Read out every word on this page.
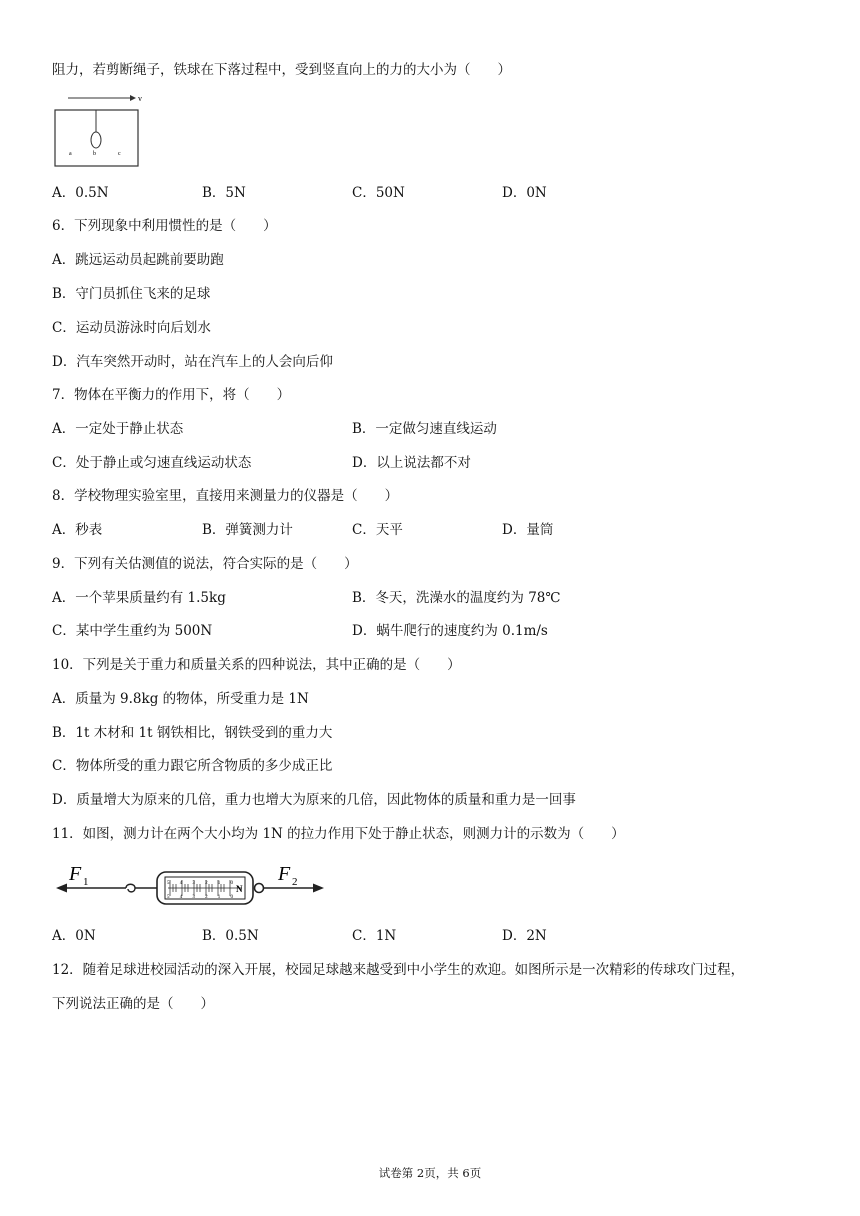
阻力，若剪断绳子，铁球在下落过程中，受到竖直向上的力的大小为（　　）
v
a	b	c
A．0.5N	B．5N	C．50N	D．0N
6．下列现象中利用惯性的是（　　）
A．跳远运动员起跳前要助跑
B．守门员抓住飞来的足球
C．运动员游泳时向后划水
D．汽车突然开动时，站在汽车上的人会向后仰
7．物体在平衡力的作用下，将（　　）
A．一定处于静止状态	B．一定做匀速直线运动
C．处于静止或匀速直线运动状态	D．以上说法都不对
8．学校物理实验室里，直接用来测量力的仪器是（　　）
A．秒表	B．弹簧测力计	C．天平	D．量筒
9．下列有关估测值的说法，符合实际的是（　　）
A．一个苹果质量约有 1.5kg	B．冬天，洗澡水的温度约为 78℃
C．某中学生重约为 500N	D．蜗牛爬行的速度约为 0.1m/s
10．下列是关于重力和质量关系的四种说法，其中正确的是（　　）
A．质量为 9.8kg 的物体，所受重力是 1N
B．1t 木材和 1t 钢铁相比，钢铁受到的重力大
C．物体所受的重力跟它所含物质的多少成正比
D．质量增大为原来的几倍，重力也增大为原来的几倍，因此物体的质量和重力是一回事
11．如图，测力计在两个大小均为 1N 的拉力作用下处于静止状态，则测力计的示数为（　　）
F 1
N
543210
543210
F 2
A．0N	B．0.5N	C．1N	D．2N
12．随着足球进校园活动的深入开展，校园足球越来越受到中小学生的欢迎。如图所示是一次精彩的传球攻门过程，
下列说法正确的是（　　）
试卷第 2页，共 6页
